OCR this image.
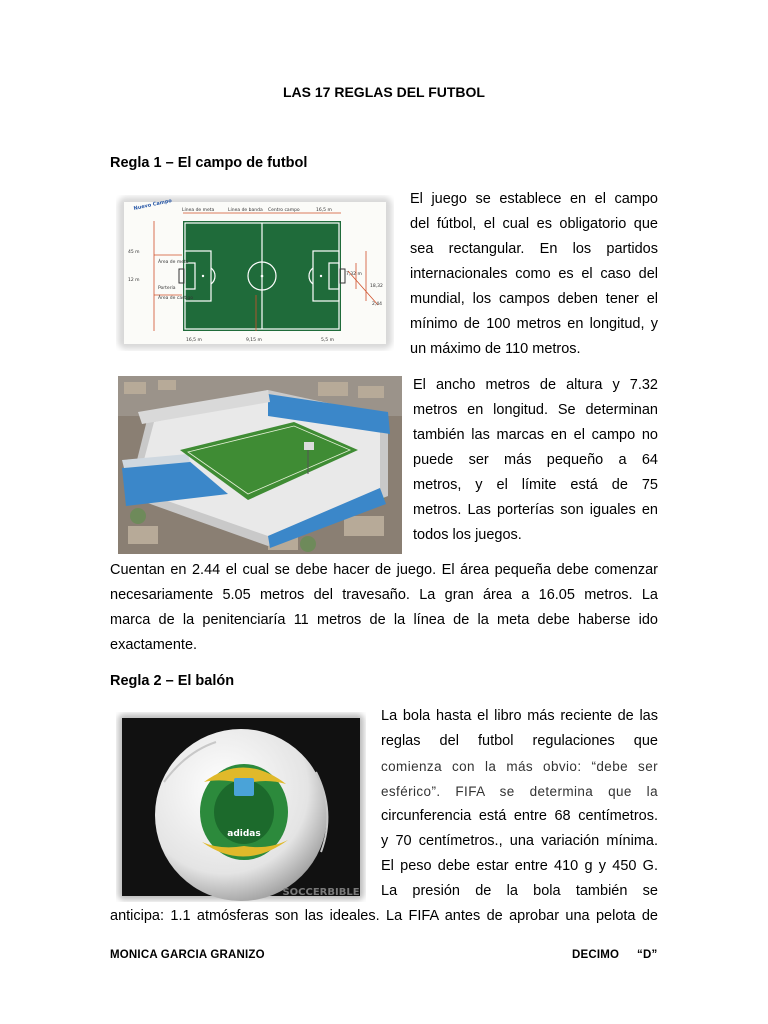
LAS 17 REGLAS DEL FUTBOL
Regla 1 – El campo de futbol
Nuevo Campo Línea de meta	Línea de banda Centro campo	16,5 m
45 m
12 m
Área de meta
Portería
Área de castigo
7,32 m
18,32
2,44
16,5 m	9,15 m	5,5 m
El juego se establece en el campo
del fútbol, el cual es obligatorio que
sea rectangular. En los partidos
internacionales como es el caso del
mundial, los campos deben tener el
mínimo de 100 metros en longitud, y
un máximo de 110 metros.
El ancho metros de altura y 7.32
metros en longitud. Se determinan
también las marcas en el campo no
puede ser más pequeño a 64
metros, y el límite está de 75
metros. Las porterías son iguales en
todos los juegos.
Cuentan en 2.44 el cual se debe hacer de juego. El área pequeña debe comenzar
necesariamente 5.05 metros del travesaño. La gran área a 16.05 metros. La
marca de la penitenciaría 11 metros de la línea de la meta debe haberse ido
exactamente.
Regla 2 – El balón
adidas
SOCCERBIBLE
La bola hasta el libro más reciente de las
reglas del futbol regulaciones que
comienza con la más obvio: “debe ser
esférico”. FIFA se determina que la
circunferencia está entre 68 centímetros.
y 70 centímetros., una variación mínima.
El peso debe estar entre 410 g y 450 G.
La presión de la bola también se
anticipa: 1.1 atmósferas son las ideales. La FIFA antes de aprobar una pelota de
MONICA GARCIA GRANIZO	DECIMO “D”
